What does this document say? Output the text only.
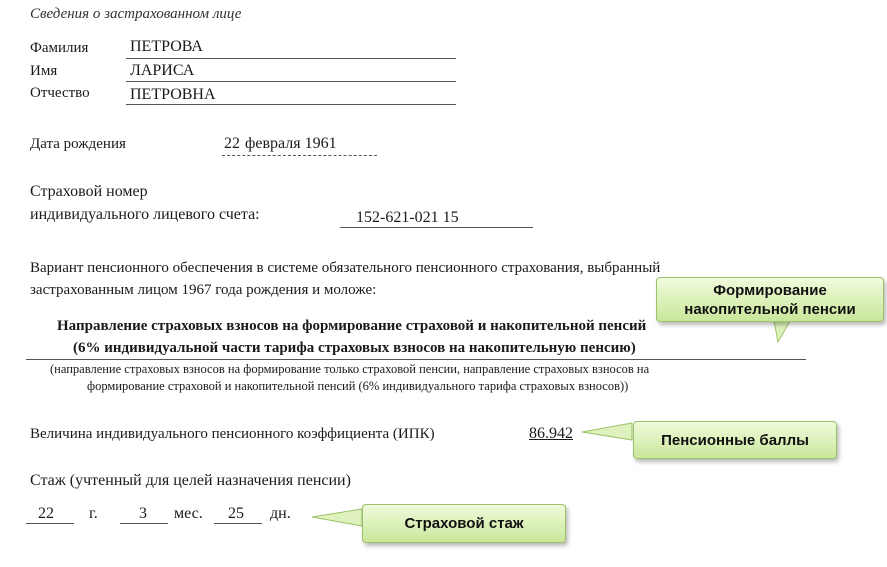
Сведения о застрахованном лице
Фамилия	ПЕТРОВА
Имя	ЛАРИСА
Отчество	ПЕТРОВНА
Дата рождения	22 февраля 1961
Страховой номер
индивидуального лицевого счета:	152-621-021 15
Вариант пенсионного обеспечения в системе обязательного пенсионного страхования, выбранный
застрахованным лицом 1967 года рождения и моложе:
Направление страховых взносов на формирование страховой и накопительной пенсий
(6% индивидуальной части тарифа страховых взносов на накопительную пенсию)
(направление страховых взносов на формирование только страховой пенсии, направление страховых взносов на
формирование страховой и накопительной пенсий (6% индивидуального тарифа страховых взносов))
Величина индивидуального пенсионного коэффициента (ИПК)	86.942
Стаж (учтенный для целей назначения пенсии)
22 г.	3 мес. 25 дн.
Формирование
накопительной пенсии
Пенсионные баллы
Страховой стаж
